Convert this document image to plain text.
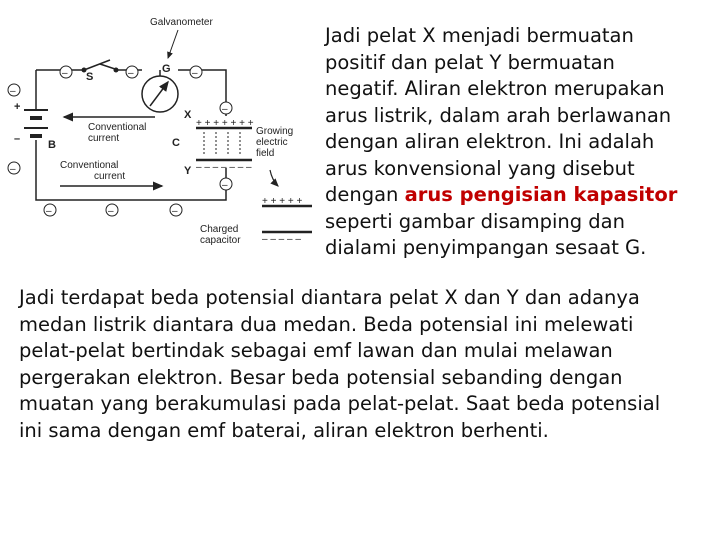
Galvanometer
S
G
+
–	B
–
–
–	–	–
–
–
–	–	–
Conventional
current
Conventional
current
+ + + + + + +
– – – – – – –
X
C
Y
Growing
electric
field
+ + + + +
– – – – –
Charged
capacitor

Jadi pelat X menjadi bermuatan
positif dan pelat Y bermuatan
negatif. Aliran elektron merupakan
arus listrik, dalam arah berlawanan
dengan aliran elektron. Ini adalah
arus konvensional yang disebut
dengan arus pengisian kapasitor
seperti gambar disamping dan
dialami penyimpangan sesaat G.

Jadi terdapat beda potensial diantara pelat X dan Y dan adanya
medan listrik diantara dua medan. Beda potensial ini melewati
pelat-pelat bertindak sebagai emf lawan dan mulai melawan
pergerakan elektron. Besar beda potensial sebanding dengan
muatan yang berakumulasi pada pelat-pelat. Saat beda potensial
ini sama dengan emf baterai, aliran elektron berhenti.
